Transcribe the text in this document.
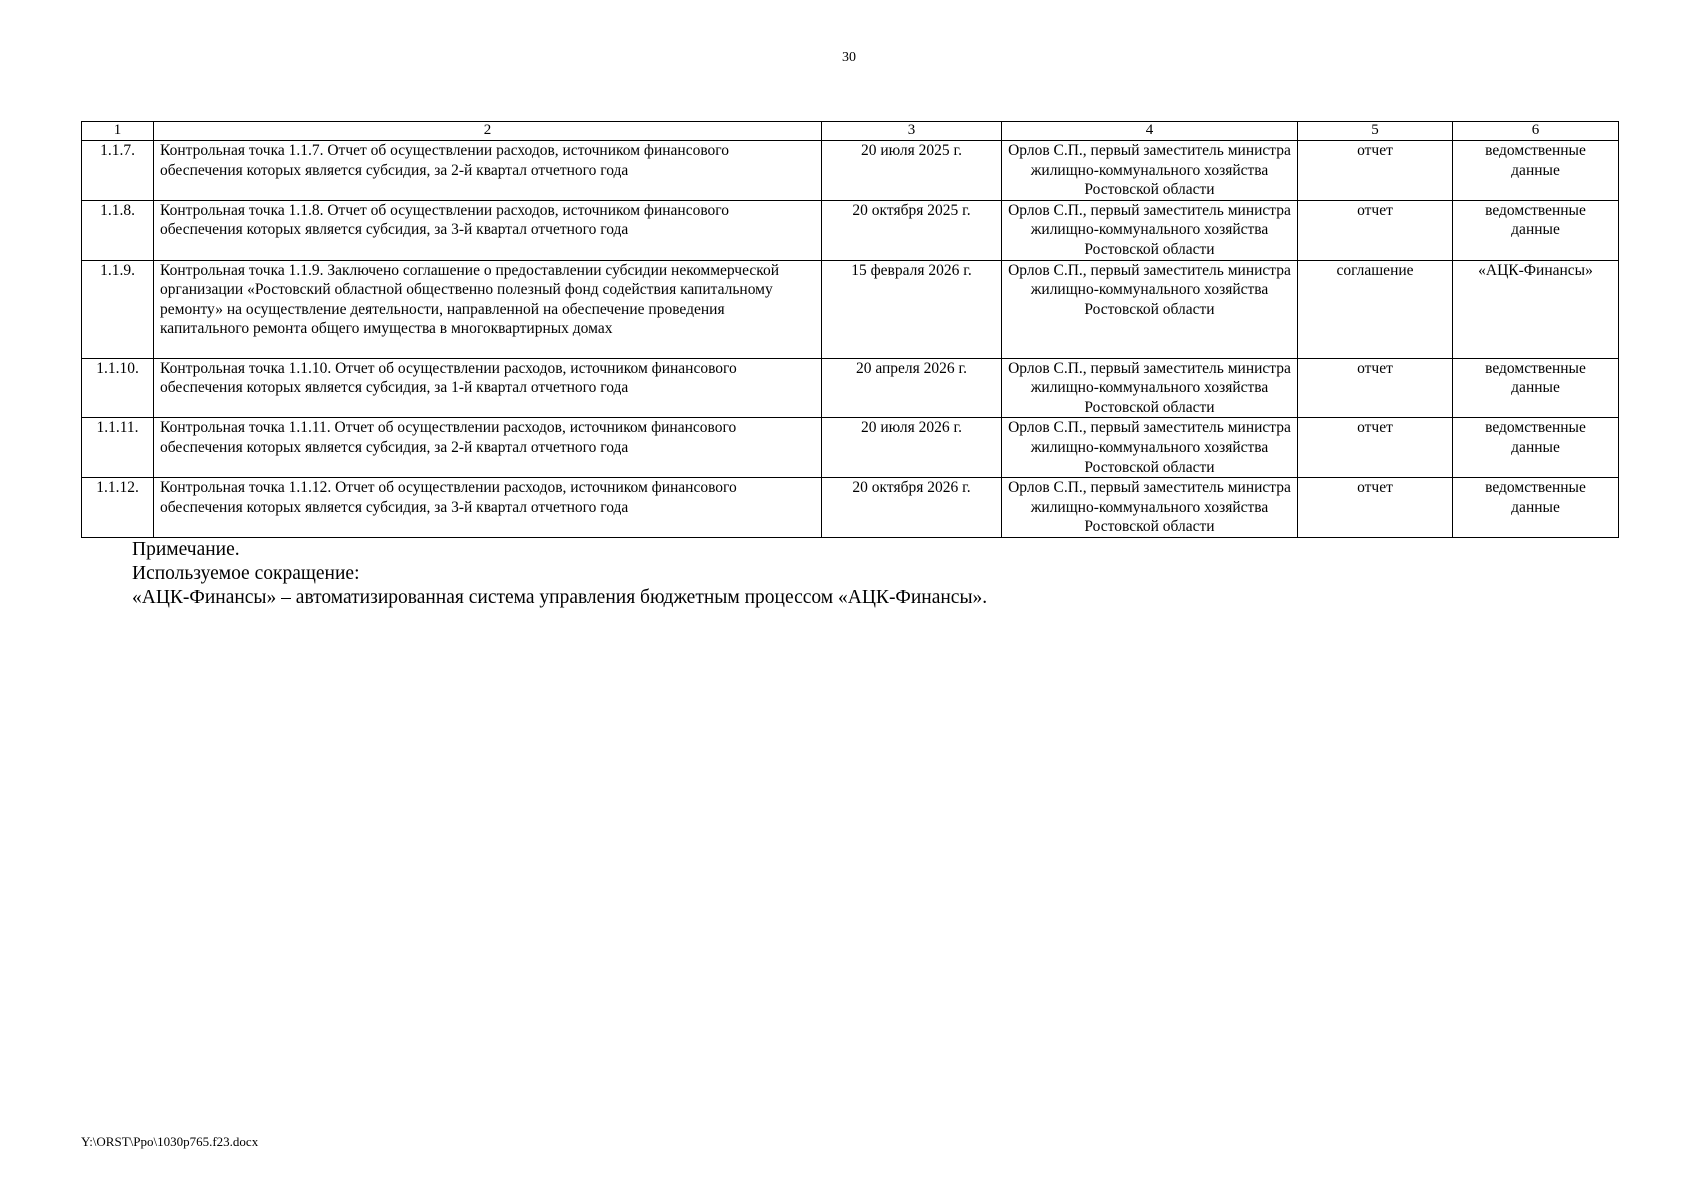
30
1	2	3	4	5	6
1.1.7.	Контрольная точка 1.1.7. Отчет об осуществлении расходов, источником финансового обеспечения которых является субсидия, за 2-й квартал отчетного года	20 июля 2025 г.	Орлов С.П., первый заместитель министра жилищно-коммунального хозяйства Ростовской области	отчет	ведомственные данные
1.1.8.	Контрольная точка 1.1.8. Отчет об осуществлении расходов, источником финансового обеспечения которых является субсидия, за 3-й квартал отчетного года	20 октября 2025 г.	Орлов С.П., первый заместитель министра жилищно-коммунального хозяйства Ростовской области	отчет	ведомственные данные
1.1.9.	Контрольная точка 1.1.9. Заключено соглашение о предоставлении субсидии некоммерческой организации «Ростовский областной общественно полезный фонд содействия капитальному ремонту» на осуществление деятельности, направленной на обеспечение проведения капитального ремонта общего имущества в многоквартирных домах	15 февраля 2026 г.	Орлов С.П., первый заместитель министра жилищно-коммунального хозяйства Ростовской области	соглашение	«АЦК-Финансы»
1.1.10.	Контрольная точка 1.1.10. Отчет об осуществлении расходов, источником финансового обеспечения которых является субсидия, за 1-й квартал отчетного года	20 апреля 2026 г.	Орлов С.П., первый заместитель министра жилищно-коммунального хозяйства Ростовской области	отчет	ведомственные данные
1.1.11.	Контрольная точка 1.1.11. Отчет об осуществлении расходов, источником финансового обеспечения которых является субсидия, за 2-й квартал отчетного года	20 июля 2026 г.	Орлов С.П., первый заместитель министра жилищно-коммунального хозяйства Ростовской области	отчет	ведомственные данные
1.1.12.	Контрольная точка 1.1.12. Отчет об осуществлении расходов, источником финансового обеспечения которых является субсидия, за 3-й квартал отчетного года	20 октября 2026 г.	Орлов С.П., первый заместитель министра жилищно-коммунального хозяйства Ростовской области	отчет	ведомственные данные
Примечание.
Используемое сокращение:
«АЦК-Финансы» – автоматизированная система управления бюджетным процессом «АЦК-Финансы».
Y:\ORST\Ppo\1030p765.f23.docx
